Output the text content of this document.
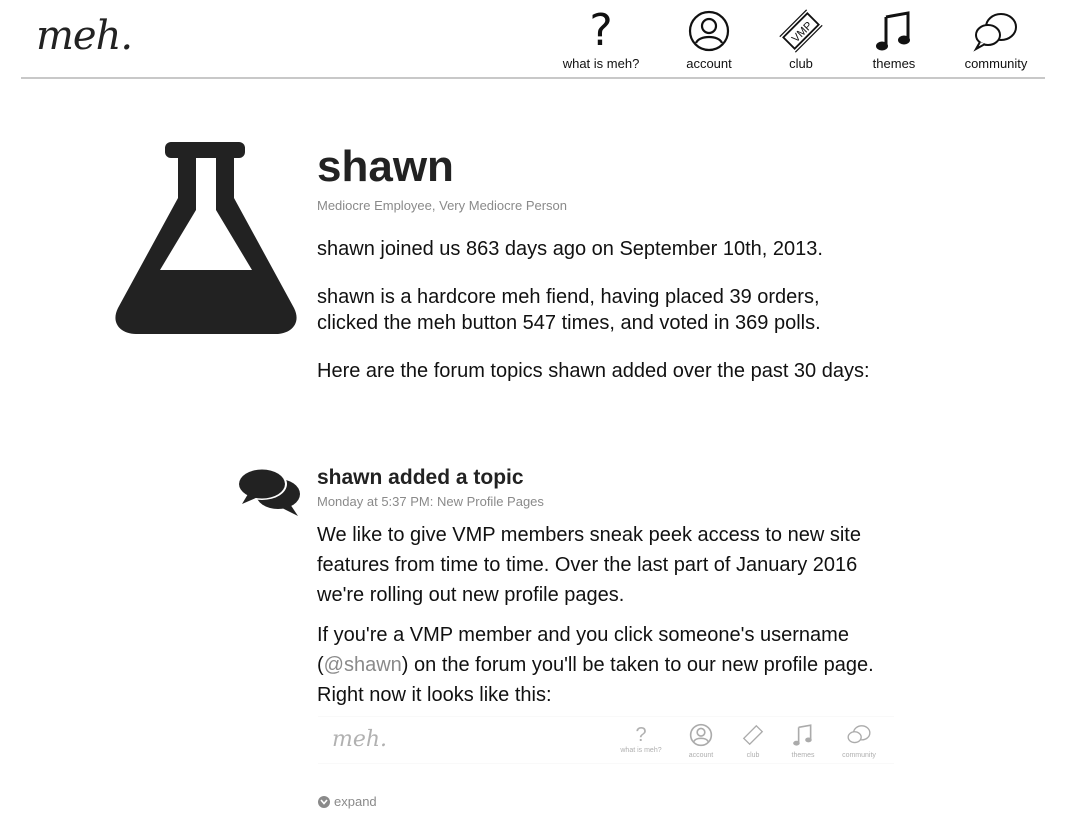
meh.	?
what is meh?	account
VMP
club	themes	community
shawn
Mediocre Employee, Very Mediocre Person

shawn joined us 863 days ago on September 10th, 2013.

shawn is a hardcore meh fiend, having placed 39 orders, clicked the meh button 547 times, and voted in 369 polls.

Here are the forum topics shawn added over the past 30 days:

shawn added a topic
Monday at 5:37 PM: New Profile Pages

We like to give VMP members sneak peek access to new site features from time to time. Over the last part of January 2016 we're rolling out new profile pages.

If you're a VMP member and you click someone's username (@shawn) on the forum you'll be taken to our new profile page. Right now it looks like this:

meh.	?
what is meh?
account	club	themes	community
expand
